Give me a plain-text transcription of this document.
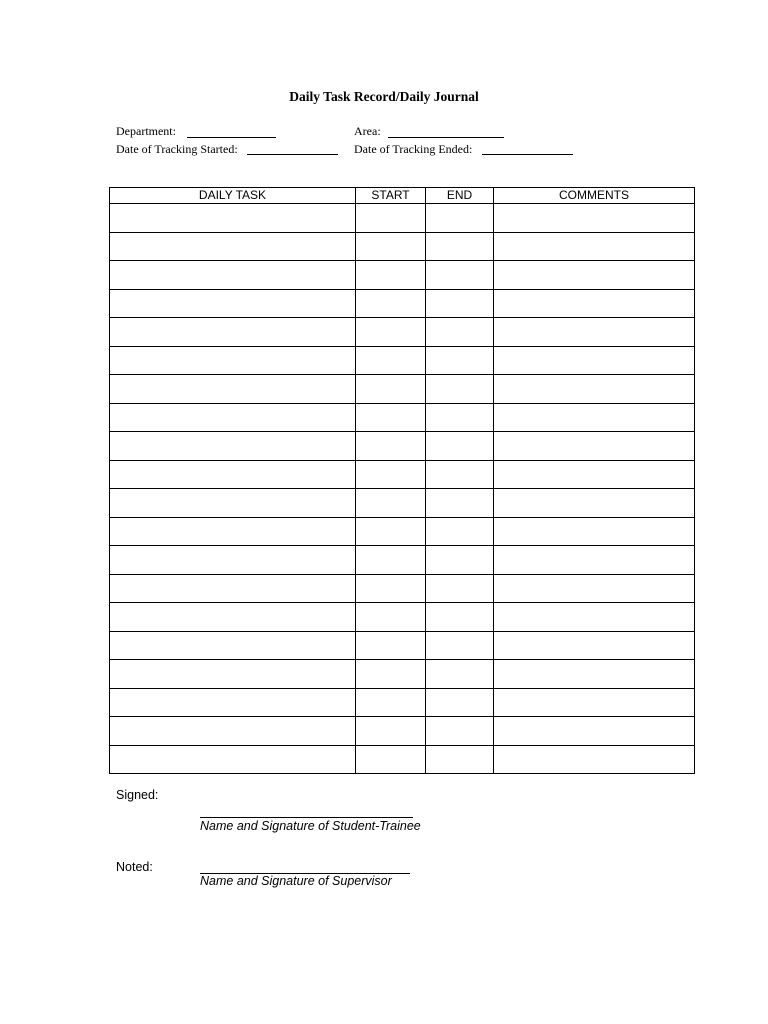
Daily Task Record/Daily Journal
Department:	Area:
Date of Tracking Started:	Date of Tracking Ended:
DAILY TASK	START	END	COMMENTS

Signed:
Name and Signature of Student-Trainee
Noted:
Name and Signature of Supervisor
